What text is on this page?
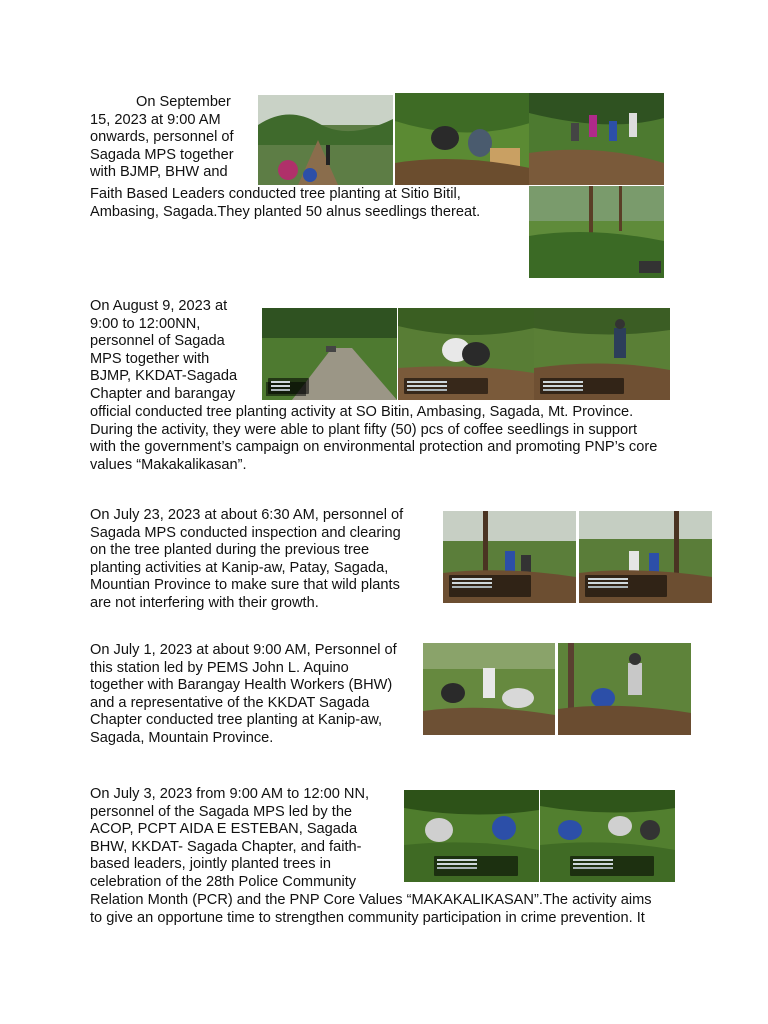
On September
15, 2023 at 9:00 AM
onwards, personnel of
Sagada MPS together
with BJMP, BHW and
Faith Based Leaders conducted tree planting at Sitio Bitil,
Ambasing, Sagada.They planted 50 alnus seedlings thereat.
On August 9, 2023 at
9:00 to 12:00NN,
personnel of Sagada
MPS together with
BJMP, KKDAT-Sagada
Chapter and barangay
official conducted tree planting activity at SO Bitin, Ambasing, Sagada, Mt. Province.
During the activity, they were able to plant fifty (50) pcs of coffee seedlings in support
with the government’s campaign on environmental protection and promoting PNP’s core
values “Makakalikasan”.
On July 23, 2023 at about 6:30 AM, personnel of
Sagada MPS conducted inspection and clearing
on the tree planted during the previous tree
planting activities at Kanip-aw, Patay, Sagada,
Mountian Province to make sure that wild plants
are not interfering with their growth.
On July 1, 2023 at about 9:00 AM, Personnel of
this station led by PEMS John L. Aquino
together with Barangay Health Workers (BHW)
and a representative of the KKDAT Sagada
Chapter conducted tree planting at Kanip-aw,
Sagada, Mountain Province.
On July 3, 2023 from 9:00 AM to 12:00 NN,
personnel of the Sagada MPS led by the
ACOP, PCPT AIDA E ESTEBAN, Sagada
BHW, KKDAT- Sagada Chapter, and faith-
based leaders, jointly planted trees in
celebration of the 28th Police Community
Relation Month (PCR) and the PNP Core Values “MAKAKALIKASAN”.The activity aims
to give an opportune time to strengthen community participation in crime prevention. It
